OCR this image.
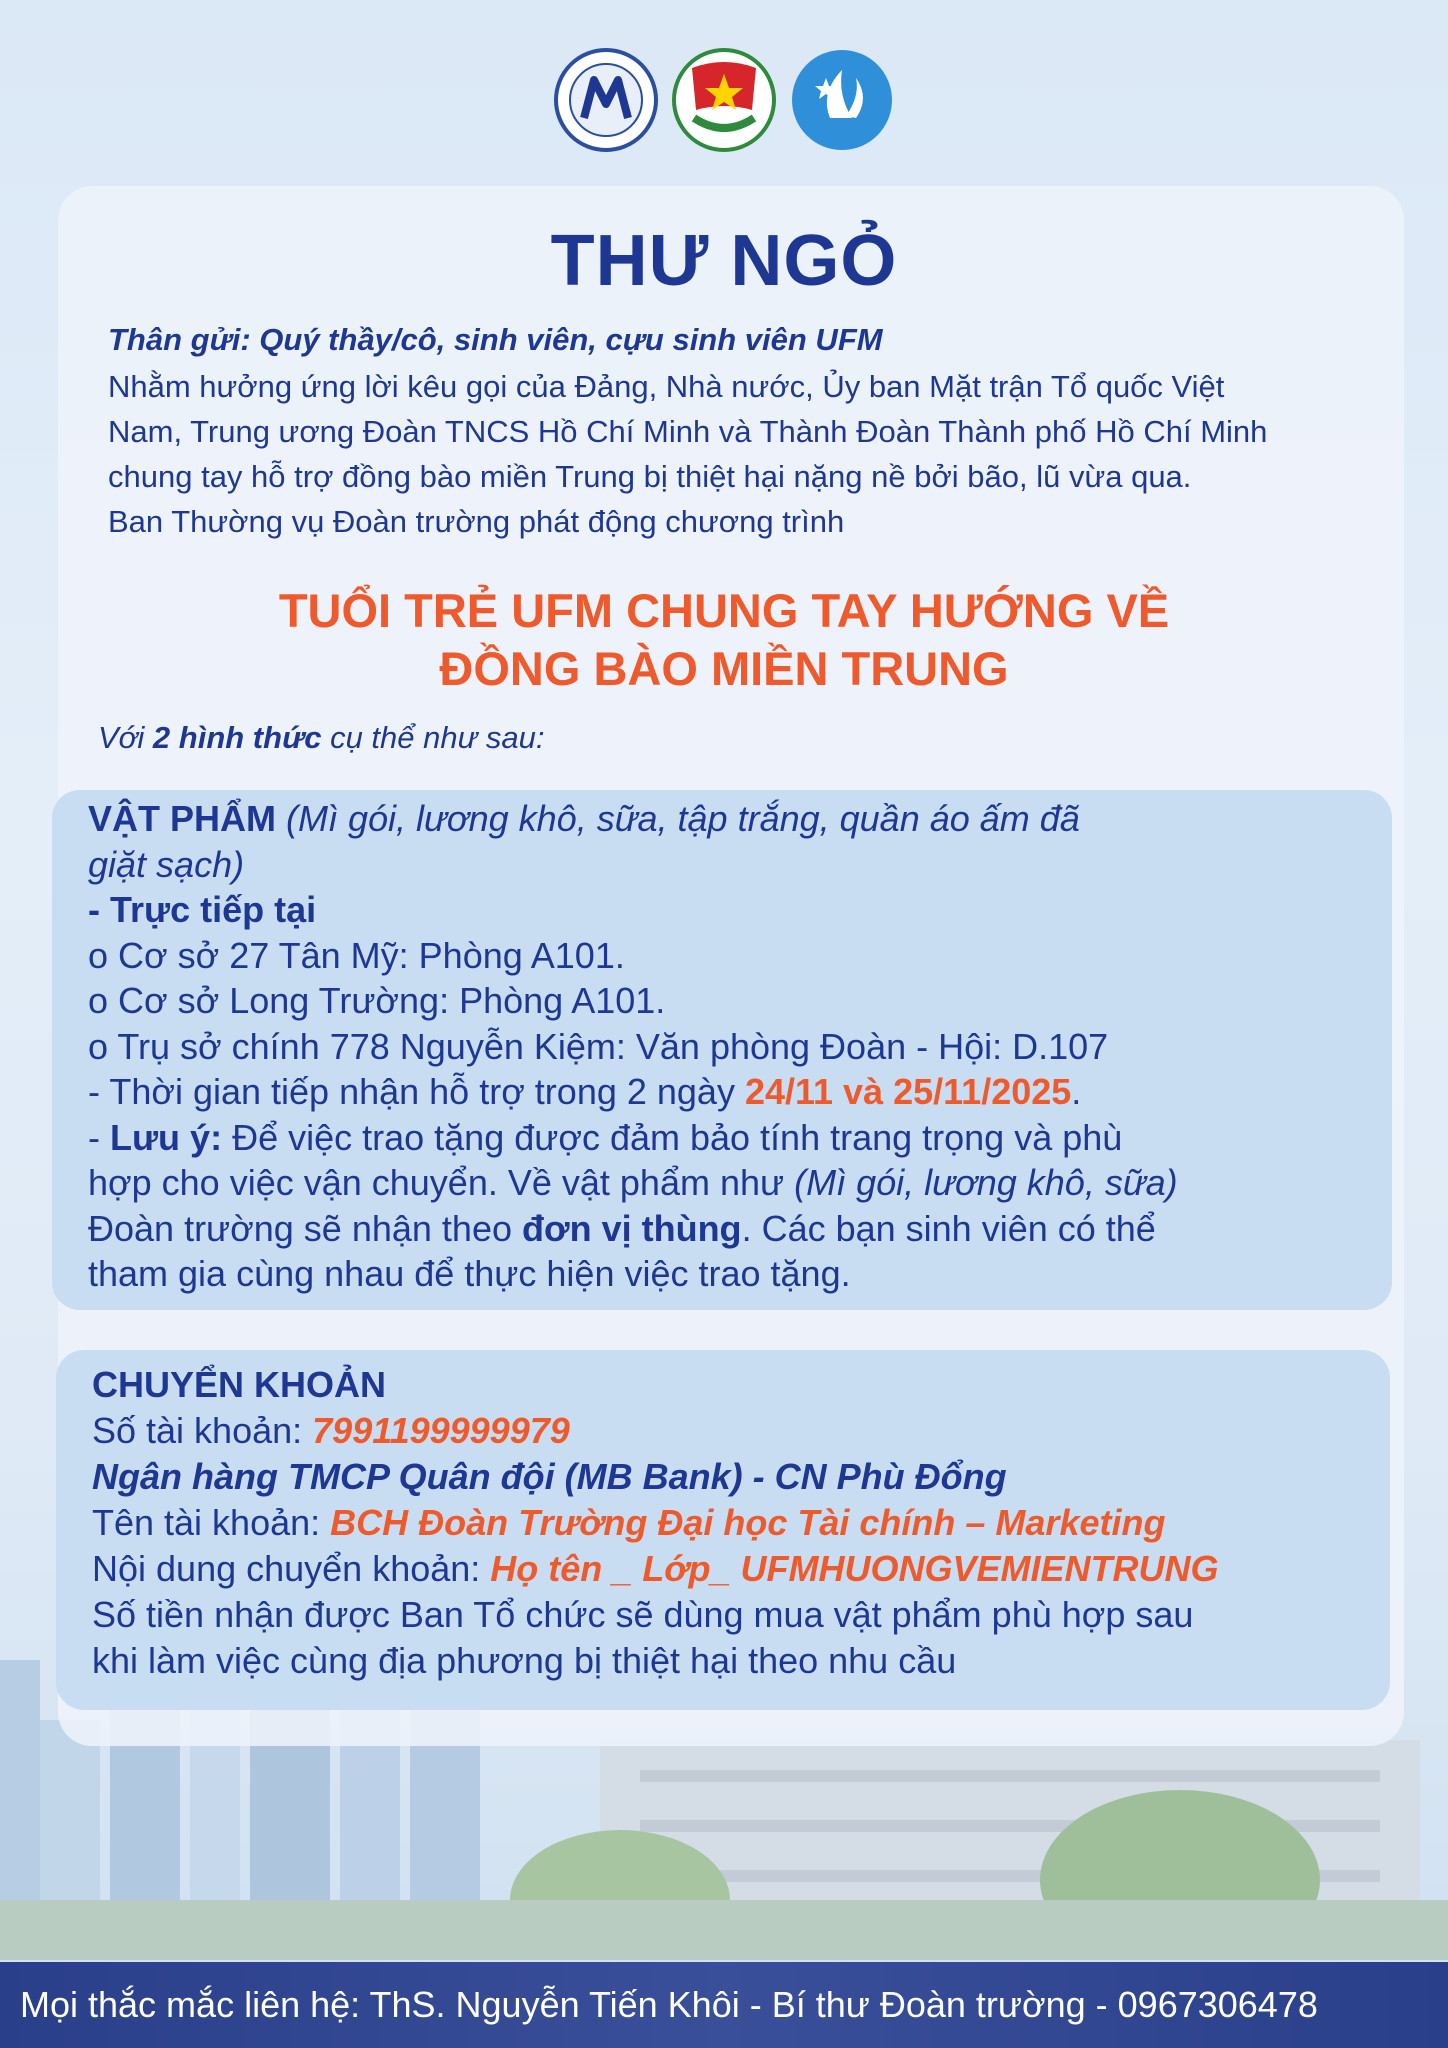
THƯ NGỎ
Thân gửi: Quý thầy/cô, sinh viên, cựu sinh viên UFM
Nhằm hưởng ứng lời kêu gọi của Đảng, Nhà nước, Ủy ban Mặt trận Tổ quốc Việt
Nam, Trung ương Đoàn TNCS Hồ Chí Minh và Thành Đoàn Thành phố Hồ Chí Minh
chung tay hỗ trợ đồng bào miền Trung bị thiệt hại nặng nề bởi bão, lũ vừa qua.
Ban Thường vụ Đoàn trường phát động chương trình
TUỔI TRẺ UFM CHUNG TAY HƯỚNG VỀ
ĐỒNG BÀO MIỀN TRUNG
Với 2 hình thức cụ thể như sau:
VẬT PHẨM (Mì gói, lương khô, sữa, tập trắng, quần áo ấm đã
giặt sạch)
- Trực tiếp tại
o Cơ sở 27 Tân Mỹ: Phòng A101.
o Cơ sở Long Trường: Phòng A101.
o Trụ sở chính 778 Nguyễn Kiệm: Văn phòng Đoàn - Hội: D.107
- Thời gian tiếp nhận hỗ trợ trong 2 ngày 24/11 và 25/11/2025.
- Lưu ý: Để việc trao tặng được đảm bảo tính trang trọng và phù
hợp cho việc vận chuyển. Về vật phẩm như (Mì gói, lương khô, sữa)
Đoàn trường sẽ nhận theo đơn vị thùng. Các bạn sinh viên có thể
tham gia cùng nhau để thực hiện việc trao tặng.
CHUYỂN KHOẢN
Số tài khoản: 7991199999979
Ngân hàng TMCP Quân đội (MB Bank) - CN Phù Đổng
Tên tài khoản: BCH Đoàn Trường Đại học Tài chính – Marketing
Nội dung chuyển khoản: Họ tên _ Lớp_ UFMHUONGVEMIENTRUNG
Số tiền nhận được Ban Tổ chức sẽ dùng mua vật phẩm phù hợp sau
khi làm việc cùng địa phương bị thiệt hại theo nhu cầu
Mọi thắc mắc liên hệ: ThS. Nguyễn Tiến Khôi - Bí thư Đoàn trường - 0967306478
